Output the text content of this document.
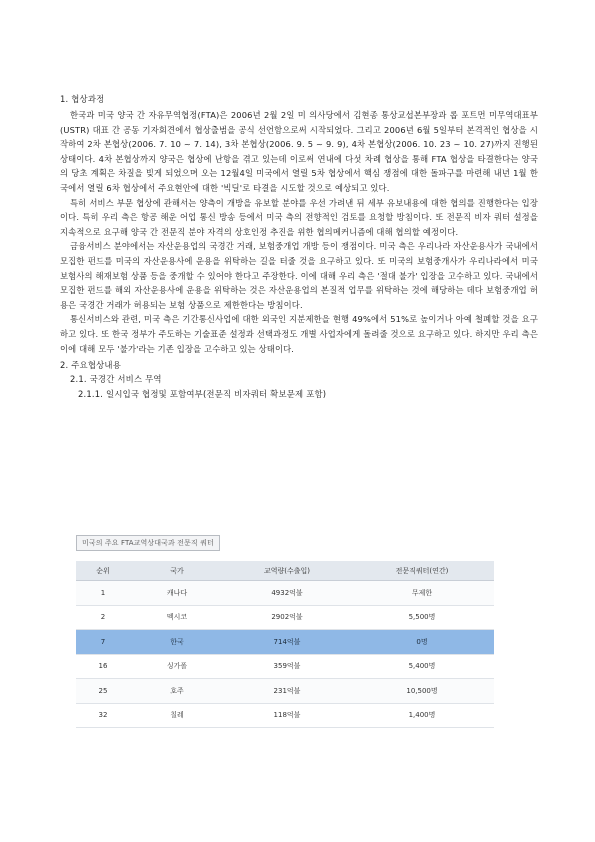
1. 협상과정

한국과 미국 양국 간 자유무역협정(FTA)은 2006년 2월 2일 미 의사당에서 김현종 통상교섭본부장과 롭 포트먼 미무역대표부(USTR) 대표 간 공동 기자회견에서 협상출범을 공식 선언함으로써 시작되었다. 그리고 2006년 6월 5일부터 본격적인 협상을 시작하여 2차 본협상(2006. 7. 10 ~ 7. 14), 3차 본협상(2006. 9. 5 ~ 9. 9), 4차 본협상(2006. 10. 23 ~ 10. 27)까지 진행된 상태이다. 4차 본협상까지 양국은 협상에 난항을 겪고 있는데 이로써 연내에 다섯 차례 협상을 통해 FTA 협상을 타결한다는 양국의 당초 계획은 차질을 빚게 되었으며 오는 12월4일 미국에서 열릴 5차 협상에서 핵심 쟁점에 대한 돌파구를 마련해 내년 1월 한국에서 열릴 6차 협상에서 주요현안에 대한 '빅딜'로 타결을 시도할 것으로 예상되고 있다.

특히 서비스 부문 협상에 관해서는 양측이 개방을 유보할 분야를 우선 가려낸 뒤 세부 유보내용에 대한 협의를 진행한다는 입장이다. 특히 우리 측은 항공 해운 어업 통신 방송 등에서 미국 측의 전향적인 검토를 요청할 방침이다. 또 전문직 비자 쿼터 설정을 지속적으로 요구해 양국 간 전문직 분야 자격의 상호인정 추진을 위한 협의메커니즘에 대해 협의할 예정이다.

금융서비스 분야에서는 자산운용업의 국경간 거래, 보험중개업 개방 등이 쟁점이다. 미국 측은 우리나라 자산운용사가 국내에서 모집한 펀드를 미국의 자산운용사에 운용을 위탁하는 길을 터줄 것을 요구하고 있다. 또 미국의 보험중개사가 우리나라에서 미국 보험사의 해재보험 상품 등을 중개할 수 있어야 한다고 주장한다. 이에 대해 우리 측은 '절대 불가' 입장을 고수하고 있다. 국내에서 모집한 펀드를 해외 자산운용사에 운용을 위탁하는 것은 자산운용업의 본질적 업무를 위탁하는 것에 해당하는 데다 보험중개업 허용은 국경간 거래가 허용되는 보험 상품으로 제한한다는 방침이다.

통신서비스와 관련, 미국 측은 기간통신사업에 대한 외국인 지분제한을 현행 49%에서 51%로 높이거나 아예 철폐할 것을 요구하고 있다. 또 한국 정부가 주도하는 기술표준 설정과 선택과정도 개별 사업자에게 돌려줄 것으로 요구하고 있다. 하지만 우리 측은 이에 대해 모두 '불가'라는 기존 입장을 고수하고 있는 상태이다.

2. 주요협상내용
2.1. 국경간 서비스 무역
2.1.1. 일시입국 협정및 포함여부(전문직 비자쿼터 확보문제 포함)
미국의 주요 FTA교역상대국과 전문직 쿼터
순위	국가	교역량(수출입)	전문직쿼터(연간)
1	캐나다	4932억불	무제한
2	멕시코	2902억불	5,500명
7	한국	714억불	0명
16	싱가폴	359억불	5,400명
25	호주	231억불	10,500명
32	칠레	118억불	1,400명
